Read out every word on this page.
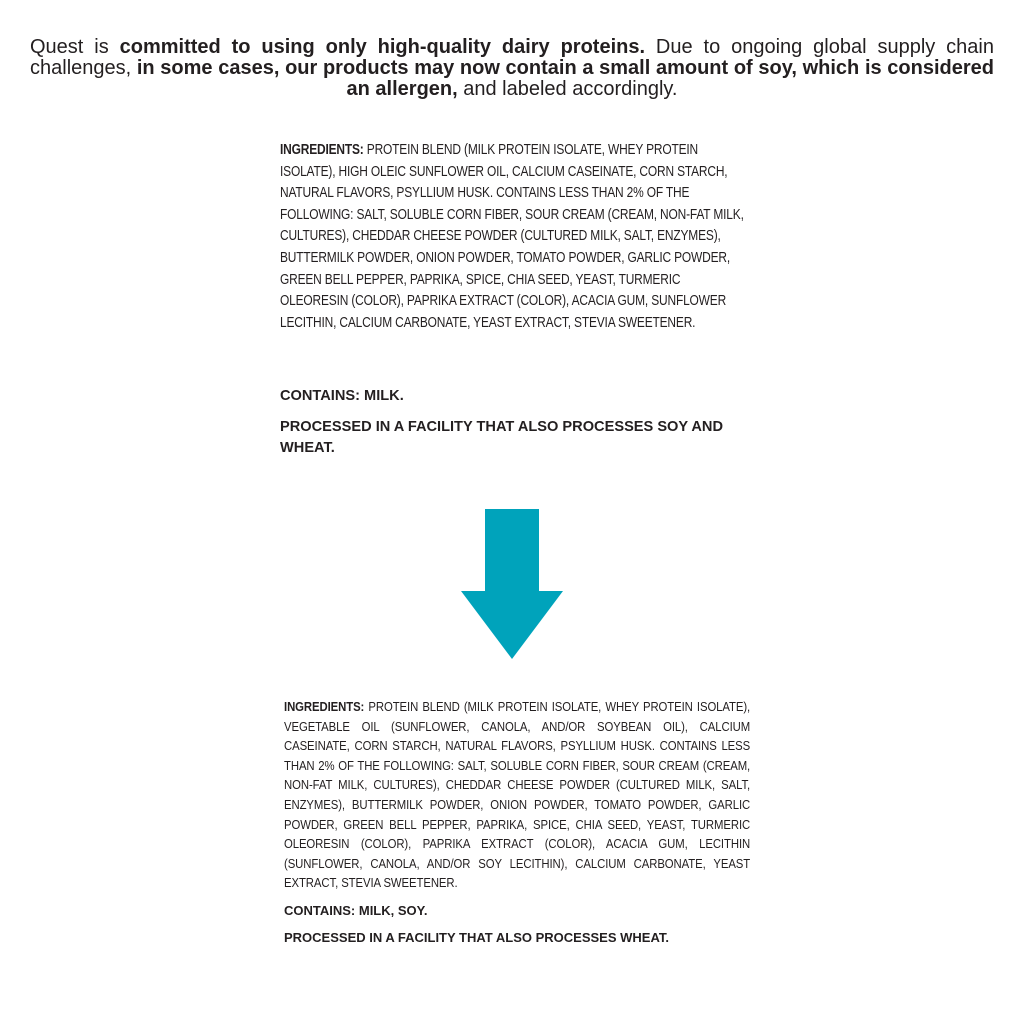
Quest is committed to using only high-quality dairy proteins. Due to ongoing global supply chain challenges, in some cases, our products may now contain a small amount of soy, which is considered an allergen, and labeled accordingly.

INGREDIENTS: PROTEIN BLEND (MILK PROTEIN ISOLATE, WHEY PROTEIN ISOLATE), HIGH OLEIC SUNFLOWER OIL, CALCIUM CASEINATE, CORN STARCH, NATURAL FLAVORS, PSYLLIUM HUSK. CONTAINS LESS THAN 2% OF THE FOLLOWING: SALT, SOLUBLE CORN FIBER, SOUR CREAM (CREAM, NON-FAT MILK, CULTURES), CHEDDAR CHEESE POWDER (CULTURED MILK, SALT, ENZYMES), BUTTERMILK POWDER, ONION POWDER, TOMATO POWDER, GARLIC POWDER, GREEN BELL PEPPER, PAPRIKA, SPICE, CHIA SEED, YEAST, TURMERIC OLEORESIN (COLOR), PAPRIKA EXTRACT (COLOR), ACACIA GUM, SUNFLOWER LECITHIN, CALCIUM CARBONATE, YEAST EXTRACT, STEVIA SWEETENER.

CONTAINS: MILK.

PROCESSED IN A FACILITY THAT ALSO PROCESSES SOY AND WHEAT.

INGREDIENTS: PROTEIN BLEND (MILK PROTEIN ISOLATE, WHEY PROTEIN ISOLATE), VEGETABLE OIL (SUNFLOWER, CANOLA, AND/OR SOYBEAN OIL), CALCIUM CASEINATE, CORN STARCH, NATURAL FLAVORS, PSYLLIUM HUSK. CONTAINS LESS THAN 2% OF THE FOLLOWING: SALT, SOLUBLE CORN FIBER, SOUR CREAM (CREAM, NON-FAT MILK, CULTURES), CHEDDAR CHEESE POWDER (CULTURED MILK, SALT, ENZYMES), BUTTERMILK POWDER, ONION POWDER, TOMATO POWDER, GARLIC POWDER, GREEN BELL PEPPER, PAPRIKA, SPICE, CHIA SEED, YEAST, TURMERIC OLEORESIN (COLOR), PAPRIKA EXTRACT (COLOR), ACACIA GUM, LECITHIN (SUNFLOWER, CANOLA, AND/OR SOY LECITHIN), CALCIUM CARBONATE, YEAST EXTRACT, STEVIA SWEETENER.

CONTAINS: MILK, SOY.

PROCESSED IN A FACILITY THAT ALSO PROCESSES WHEAT.
